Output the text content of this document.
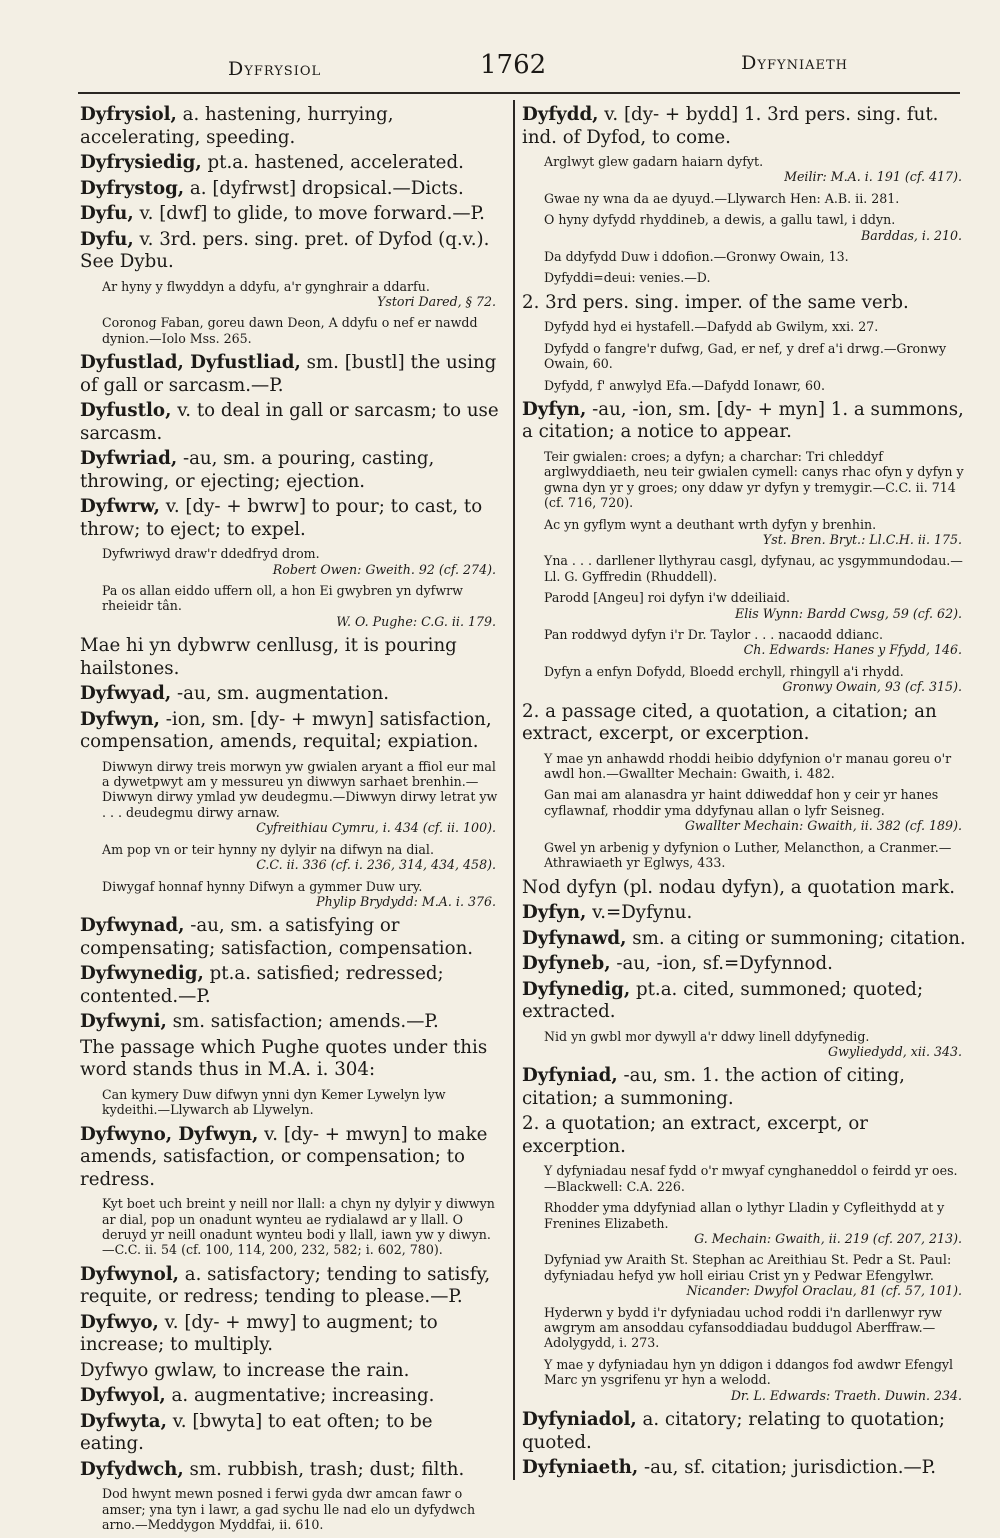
Dyfrysiol	1762	Dyfyniaeth
Dyfrysiol, a. hastening, hurrying, accelerating, speeding.
Dyfrysiedig, pt.a. hastened, accelerated.
Dyfrystog, a. [dyfrwst] dropsical.—Dicts.
Dyfu, v. [dwf] to glide, to move forward.—P.
Dyfu, v. 3rd. pers. sing. pret. of Dyfod (q.v.). See Dybu.
Ar hyny y flwyddyn a ddyfu, a'r gynghrair a ddarfu.
Ystori Dared, § 72.
Coronog Faban, goreu dawn Deon, A ddyfu o nef er nawdd dynion.—Iolo Mss. 265.
Dyfustlad, Dyfustliad, sm. [bustl] the using of gall or sarcasm.—P.
Dyfustlo, v. to deal in gall or sarcasm; to use sarcasm.
Dyfwriad, -au, sm. a pouring, casting, throwing, or ejecting; ejection.
Dyfwrw, v. [dy- + bwrw] to pour; to cast, to throw; to eject; to expel.
Dyfwriwyd draw'r ddedfryd drom.
Robert Owen: Gweith. 92 (cf. 274).
Pa os allan eiddo uffern oll, a hon Ei gwybren yn dyfwrw rheieidr tân.
W. O. Pughe: C.G. ii. 179.
Mae hi yn dybwrw cenllusg, it is pouring hailstones.
Dyfwyad, -au, sm. augmentation.
Dyfwyn, -ion, sm. [dy- + mwyn] satisfaction, compensation, amends, requital; expiation.
Diwwyn dirwy treis morwyn yw gwialen aryant a ffiol eur mal a dywetpwyt am y messureu yn diwwyn sarhaet brenhin.—Diwwyn dirwy ymlad yw deudegmu.—Diwwyn dirwy letrat yw . . . deudegmu dirwy arnaw.
Cyfreithiau Cymru, i. 434 (cf. ii. 100).
Am pop vn or teir hynny ny dylyir na difwyn na dial.
C.C. ii. 336 (cf. i. 236, 314, 434, 458).
Diwygaf honnaf hynny Difwyn a gymmer Duw ury.
Phylip Brydydd: M.A. i. 376.
Dyfwynad, -au, sm. a satisfying or compensating; satisfaction, compensation.
Dyfwynedig, pt.a. satisfied; redressed; contented.—P.
Dyfwyni, sm. satisfaction; amends.—P.
The passage which Pughe quotes under this word stands thus in M.A. i. 304:
Can kymery Duw difwyn ynni dyn Kemer Lywelyn lyw kydeithi.—Llywarch ab Llywelyn.
Dyfwyno, Dyfwyn, v. [dy- + mwyn] to make amends, satisfaction, or compensation; to redress.
Kyt boet uch breint y neill nor llall: a chyn ny dylyir y diwwyn ar dial, pop un onadunt wynteu ae rydialawd ar y llall. O deruyd yr neill onadunt wynteu bodi y llall, iawn yw y diwyn.—C.C. ii. 54 (cf. 100, 114, 200, 232, 582; i. 602, 780).
Dyfwynol, a. satisfactory; tending to satisfy, requite, or redress; tending to please.—P.
Dyfwyo, v. [dy- + mwy] to augment; to increase; to multiply.
Dyfwyo gwlaw, to increase the rain.
Dyfwyol, a. augmentative; increasing.
Dyfwyta, v. [bwyta] to eat often; to be eating.
Dyfydwch, sm. rubbish, trash; dust; filth.
Dod hwynt mewn posned i ferwi gyda dwr amcan fawr o amser; yna tyn i lawr, a gad sychu lle nad elo un dyfydwch arno.—Meddygon Myddfai, ii. 610.
Dyfydd, v. [dy- + bydd] 1. 3rd pers. sing. fut. ind. of Dyfod, to come.
Arglwyt glew gadarn haiarn dyfyt.
Meilir: M.A. i. 191 (cf. 417).
Gwae ny wna da ae dyuyd.—Llywarch Hen: A.B. ii. 281.
O hyny dyfydd rhyddineb, a dewis, a gallu tawl, i ddyn.
Barddas, i. 210.
Da ddyfydd Duw i ddofion.—Gronwy Owain, 13.
Dyfyddi=deui: venies.—D.
2. 3rd pers. sing. imper. of the same verb.
Dyfydd hyd ei hystafell.—Dafydd ab Gwilym, xxi. 27.
Dyfydd o fangre'r dufwg, Gad, er nef, y dref a'i drwg.—Gronwy Owain, 60.
Dyfydd, f' anwylyd Efa.—Dafydd Ionawr, 60.
Dyfyn, -au, -ion, sm. [dy- + myn] 1. a summons, a citation; a notice to appear.
Teir gwialen: croes; a dyfyn; a charchar: Tri chleddyf arglwyddiaeth, neu teir gwialen cymell: canys rhac ofyn y dyfyn y gwna dyn yr y groes; ony ddaw yr dyfyn y tremygir.—C.C. ii. 714 (cf. 716, 720).
Ac yn gyflym wynt a deuthant wrth dyfyn y brenhin.
Yst. Bren. Bryt.: Ll.C.H. ii. 175.
Yna . . . darllener llythyrau casgl, dyfynau, ac ysgymmundodau.—Ll. G. Gyffredin (Rhuddell).
Parodd [Angeu] roi dyfyn i'w ddeiliaid.
Elis Wynn: Bardd Cwsg, 59 (cf. 62).
Pan roddwyd dyfyn i'r Dr. Taylor . . . nacaodd ddianc.
Ch. Edwards: Hanes y Ffydd, 146.
Dyfyn a enfyn Dofydd, Bloedd erchyll, rhingyll a'i rhydd.
Gronwy Owain, 93 (cf. 315).
2. a passage cited, a quotation, a citation; an extract, excerpt, or excerption.
Y mae yn anhawdd rhoddi heibio ddyfynion o'r manau goreu o'r awdl hon.—Gwallter Mechain: Gwaith, i. 482.
Gan mai am alanasdra yr haint ddiweddaf hon y ceir yr hanes cyflawnaf, rhoddir yma ddyfynau allan o lyfr Seisneg.
Gwallter Mechain: Gwaith, ii. 382 (cf. 189).
Gwel yn arbenig y dyfynion o Luther, Melancthon, a Cranmer.—Athrawiaeth yr Eglwys, 433.
Nod dyfyn (pl. nodau dyfyn), a quotation mark.
Dyfyn, v.=Dyfynu.
Dyfynawd, sm. a citing or summoning; citation.
Dyfyneb, -au, -ion, sf.=Dyfynnod.
Dyfynedig, pt.a. cited, summoned; quoted; extracted.
Nid yn gwbl mor dywyll a'r ddwy linell ddyfynedig.
Gwyliedydd, xii. 343.
Dyfyniad, -au, sm. 1. the action of citing, citation; a summoning.
2. a quotation; an extract, excerpt, or excerption.
Y dyfyniadau nesaf fydd o'r mwyaf cynghaneddol o feirdd yr oes.—Blackwell: C.A. 226.
Rhodder yma ddyfyniad allan o lythyr Lladin y Cyfleithydd at y Frenines Elizabeth.
G. Mechain: Gwaith, ii. 219 (cf. 207, 213).
Dyfyniad yw Araith St. Stephan ac Areithiau St. Pedr a St. Paul: dyfyniadau hefyd yw holl eiriau Crist yn y Pedwar Efengylwr.
Nicander: Dwyfol Oraclau, 81 (cf. 57, 101).
Hyderwn y bydd i'r dyfyniadau uchod roddi i'n darllenwyr ryw awgrym am ansoddau cyfansoddiadau buddugol Aberffraw.—Adolygydd, i. 273.
Y mae y dyfyniadau hyn yn ddigon i ddangos fod awdwr Efengyl Marc yn ysgrifenu yr hyn a welodd.
Dr. L. Edwards: Traeth. Duwin. 234.
Dyfyniadol, a. citatory; relating to quotation; quoted.
Dyfyniaeth, -au, sf. citation; jurisdiction.—P.
